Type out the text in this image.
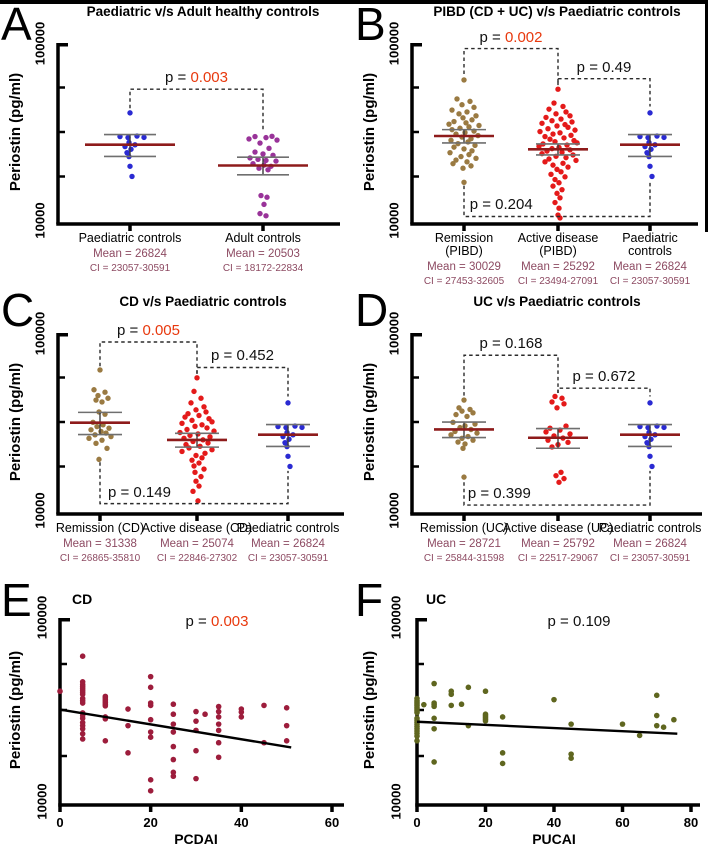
A	Paediatric v/s Adult healthy controls
Periostin (pg/ml)
100000
10000 Paediatric controls
Mean = 26824
CI = 23057-30591
Adult controls
Mean = 20503
CI = 18172-22834
p = 0.003
B	PIBD (CD + UC) v/s Paediatric controls
Periostin (pg/ml)
100000
10000	Remission
(PIBD)
Mean = 30029
CI = 27453-32605
Active disease
(PIBD)
Mean = 25292
CI = 23494-27091
Paediatric
controls
Mean = 26824
CI = 23057-30591
p = 0.002
p = 0.49
p = 0.204
C	CD v/s Paediatric controls
Periostin (pg/ml)
100000
10000 Remission (CD)
Mean = 31338
CI = 26865-35810
Active disease (CD)
Mean = 25074
CI = 22846-27302
Paediatric controls
Mean = 26824
CI = 23057-30591
p = 0.005
p = 0.452
p = 0.149
D	UC v/s Paediatric controls
Periostin (pg/ml)
100000
10000 Remission (UC)
Mean = 28721
CI = 25844-31598
Active disease (UC)
Mean = 25792
CI = 22517-29067
Paediatric controls
Mean = 26824
CI = 23057-30591
p = 0.168
p = 0.672
p = 0.399
E	CD
Periostin (pg/ml)
100000
10000
p = 0.003
PCDAI
0	20	40	60
F	UC
Periostin (pg/ml)
100000
10000
p = 0.109
PUCAI
0	20	40	60	80
